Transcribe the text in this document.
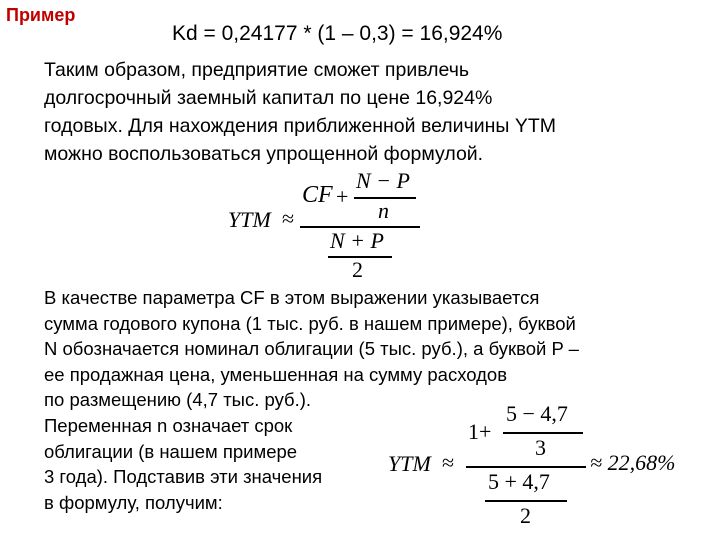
Пример
Kd = 0,24177 * (1 – 0,3) = 16,924%
Таким образом, предприятие сможет привлечь
долгосрочный заемный капитал по цене 16,924%
годовых. Для нахождения приближенной величины YTM
можно воспользоваться упрощенной формулой.
YTM ≈
CF +
N − P
n
N + P
2
В качестве параметра CF в этом выражении указывается
сумма годового купона (1 тыс. руб. в нашем примере), буквой
N обозначается номинал облигации (5 тыс. руб.), а буквой P –
ее продажная цена, уменьшенная на сумму расходов
по размещению (4,7 тыс. руб.).
Переменная n означает срок
облигации (в нашем примере
3 года). Подставив эти значения
в формулу, получим:
YTM ≈
1+
5 − 4,7
3
5 + 4,7
2
≈ 22,68%
